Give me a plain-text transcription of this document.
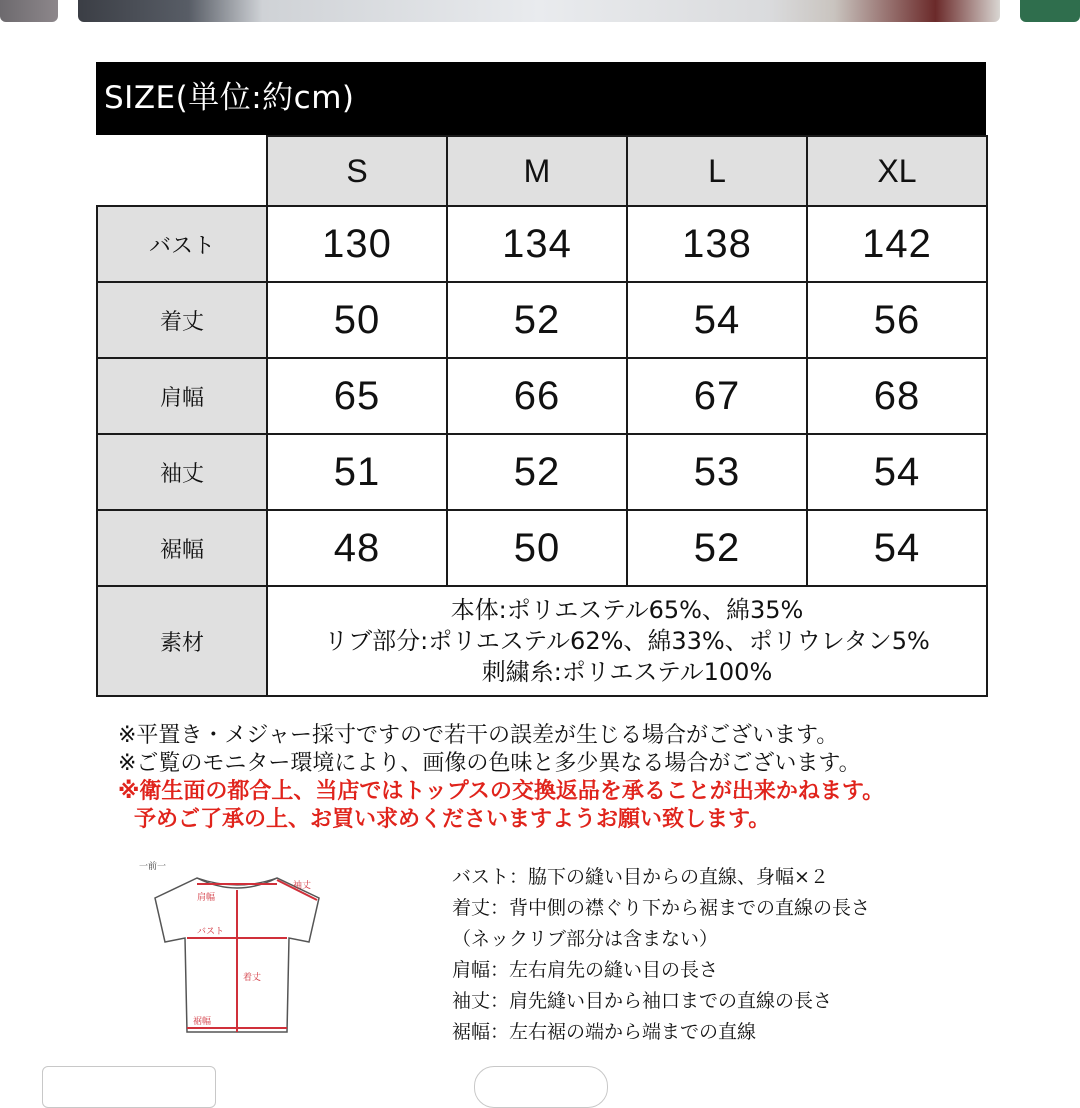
SIZE(単位:約cm)
	S	M	L	XL
バスト	130	134	138	142
着丈	50	52	54	56
肩幅	65	66	67	68
袖丈	51	52	53	54
裾幅	48	50	52	54
素材	本体:ポリエステル65%、綿35%
リブ部分:ポリエステル62%、綿33%、ポリウレタン5%
刺繍糸:ポリエステル100%			
※平置き・メジャー採寸ですので若干の誤差が生じる場合がございます。
※ご覧のモニター環境により、画像の色味と多少異なる場合がございます。
※衛生面の都合上、当店ではトップスの交換返品を承ることが出来かねます。
予めご了承の上、お買い求めくださいますようお願い致します。
一前一
袖丈
肩幅
バスト
着丈
裾幅
バスト：脇下の縫い目からの直線、身幅×２
着丈：背中側の襟ぐり下から裾までの直線の長さ
（ネックリブ部分は含まない）
肩幅：左右肩先の縫い目の長さ
袖丈：肩先縫い目から袖口までの直線の長さ
裾幅：左右裾の端から端までの直線
